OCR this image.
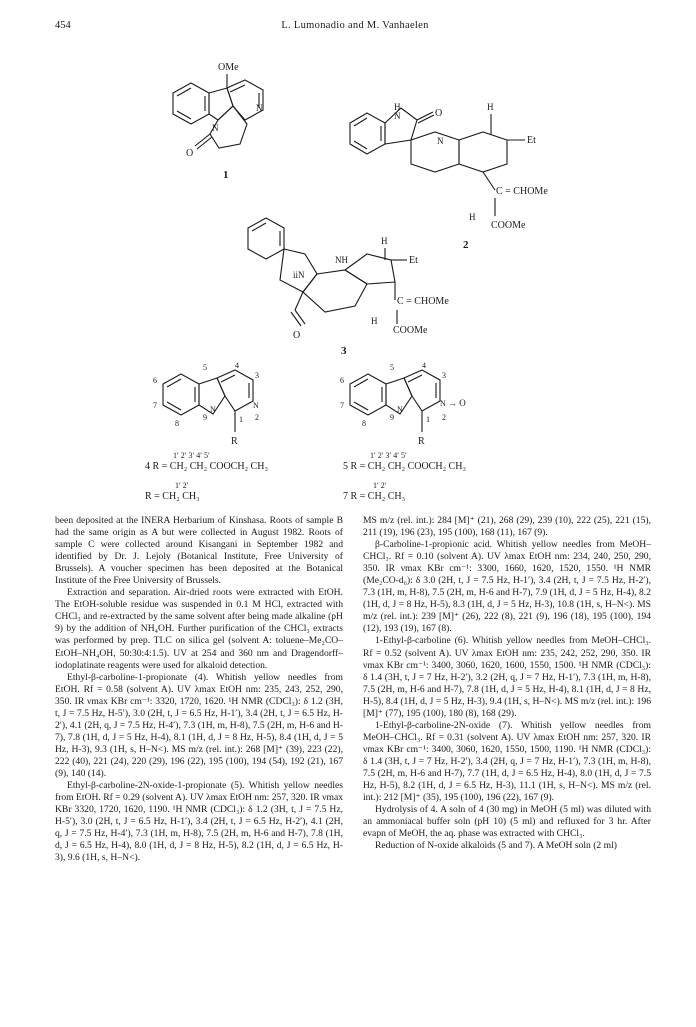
454	L. Lumonadio and M. Vanhaelen
OMe
N
N
O
1
H
N	O
N
H
Et
C = CHOMe
COOMe
H
2
iiN
O
NH
H
Et
C = CHOMe
COOMe
H
3
4
5
6
7
8
9
3
N
2
1
N
R
1′ 2′ 3′ 4′ 5′
4 R = CH₂ CH₂ COOCH₂ CH₃
1′ 2′
R = CH₂ CH₃
4
5
6
7
8
9
3
N → O
2
1
N
R
1′ 2′ 3′ 4′ 5′
5 R = CH₂ CH₂ COOCH₂ CH₃
1′ 2′
7 R = CH₂ CH₃

been deposited at the INERA Herbarium of Kinshasa. Roots of sample B had the same origin as A but were collected in August 1982. Roots of sample C were collected around Kisangani in September 1982 and identified by Dr. J. Lejoly (Botanical Institute, Free University of Brussels). A voucher specimen has been deposited at the Botanical Institute of the Free University of Brussels.

Extraction and separation. Air-dried roots were extracted with EtOH. The EtOH-soluble residue was suspended in 0.1 M HCl, extracted with CHCl₃ and re-extracted by the same solvent after being made alkaline (pH 9) by the addition of NH₄OH. Further purification of the CHCl₃ extracts was performed by prep. TLC on silica gel (solvent A: toluene–Me₂CO–EtOH–NH₄OH, 50:30:4:1.5). UV at 254 and 360 nm and Dragendorff–iodoplatinate reagents were used for alkaloid detection.

Ethyl-β-carboline-1-propionate (4). Whitish yellow needles from EtOH. Rf = 0.58 (solvent A). UV λmax EtOH nm: 235, 243, 252, 290, 350. IR νmax KBr cm⁻¹: 3320, 1720, 1620. ¹H NMR (CDCl₃): δ 1.2 (3H, t, J = 7.5 Hz, H-5′), 3.0 (2H, t, J = 6.5 Hz, H-1′), 3.4 (2H, t, J = 6.5 Hz, H-2′), 4.1 (2H, q, J = 7.5 Hz, H-4′), 7.3 (1H, m, H-8), 7.5 (2H, m, H-6 and H-7), 7.8 (1H, d, J = 5 Hz, H-4), 8.1 (1H, d, J = 8 Hz, H-5), 8.4 (1H, d, J = 5 Hz, H-3), 9.3 (1H, s, H–N<). MS m/z (rel. int.): 268 [M]⁺ (39), 223 (22), 222 (40), 221 (24), 220 (29), 196 (22), 195 (100), 194 (54), 192 (21), 167 (9), 140 (14).

Ethyl-β-carboline-2N-oxide-1-propionate (5). Whitish yellow needles from EtOH. Rf = 0.29 (solvent A). UV λmax EtOH nm: 257, 320. IR νmax KBr 3320, 1720, 1620, 1190. ¹H NMR (CDCl₃): δ 1.2 (3H, t, J = 7.5 Hz, H-5′), 3.0 (2H, t, J = 6.5 Hz, H-1′), 3.4 (2H, t, J = 6.5 Hz, H-2′), 4.1 (2H, q, J = 7.5 Hz, H-4′), 7.3 (1H, m, H-8), 7.5 (2H, m, H-6 and H-7), 7.8 (1H, d, J = 6.5 Hz, H-4), 8.0 (1H, d, J = 8 Hz, H-5), 8.2 (1H, d, J = 6.5 Hz, H-3), 9.6 (1H, s, H–N<).

MS m/z (rel. int.): 284 [M]⁺ (21), 268 (29), 239 (10), 222 (25), 221 (15), 211 (19), 196 (23), 195 (100), 168 (11), 167 (9).

β-Carboline-1-propionic acid. Whitish yellow needles from MeOH–CHCl₃. Rf = 0.10 (solvent A). UV λmax EtOH nm: 234, 240, 250, 290, 350. IR νmax KBr cm⁻¹: 3300, 1660, 1620, 1520, 1550. ¹H NMR (Me₂CO-d₆): δ 3.0 (2H, t, J = 7.5 Hz, H-1′), 3.4 (2H, t, J = 7.5 Hz, H-2′), 7.3 (1H, m, H-8), 7.5 (2H, m, H-6 and H-7), 7.9 (1H, d, J = 5 Hz, H-4), 8.2 (1H, d, J = 8 Hz, H-5), 8.3 (1H, d, J = 5 Hz, H-3), 10.8 (1H, s, H–N<). MS m/z (rel. int.): 239 [M]⁺ (26), 222 (8), 221 (9), 196 (18), 195 (100), 194 (12), 193 (19), 167 (8).

1-Ethyl-β-carboline (6). Whitish yellow needles from MeOH–CHCl₃. Rf = 0.52 (solvent A). UV λmax EtOH nm: 235, 242, 252, 290, 350. IR νmax KBr cm⁻¹: 3400, 3060, 1620, 1600, 1550, 1500. ¹H NMR (CDCl₃): δ 1.4 (3H, t, J = 7 Hz, H-2′), 3.2 (2H, q, J = 7 Hz, H-1′), 7.3 (1H, m, H-8), 7.5 (2H, m, H-6 and H-7), 7.8 (1H, d, J = 5 Hz, H-4), 8.1 (1H, d, J = 8 Hz, H-5), 8.4 (1H, d, J = 5 Hz, H-3), 9.4 (1H, s, H–N<). MS m/z (rel. int.): 196 [M]⁺ (77), 195 (100), 180 (8), 168 (29).

1-Ethyl-β-carboline-2N-oxide (7). Whitish yellow needles from MeOH–CHCl₃. Rf = 0.31 (solvent A). UV λmax EtOH nm: 257, 320. IR νmax KBr cm⁻¹: 3400, 3060, 1620, 1550, 1500, 1190. ¹H NMR (CDCl₃): δ 1.4 (3H, t, J = 7 Hz, H-2′), 3.4 (2H, q, J = 7 Hz, H-1′), 7.3 (1H, m, H-8), 7.5 (2H, m, H-6 and H-7), 7.7 (1H, d, J = 6.5 Hz, H-4), 8.0 (1H, d, J = 7.5 Hz, H-5), 8.2 (1H, d, J = 6.5 Hz, H-3), 11.1 (1H, s, H–N<). MS m/z (rel. int.): 212 [M]⁺ (35), 195 (100), 196 (22), 167 (9).

Hydrolysis of 4. A soln of 4 (30 mg) in MeOH (5 ml) was diluted with an ammoniacal buffer soln (pH 10) (5 ml) and refluxed for 3 hr. After evapn of MeOH, the aq. phase was extracted with CHCl₃.

Reduction of N-oxide alkaloids (5 and 7). A MeOH soln (2 ml)
